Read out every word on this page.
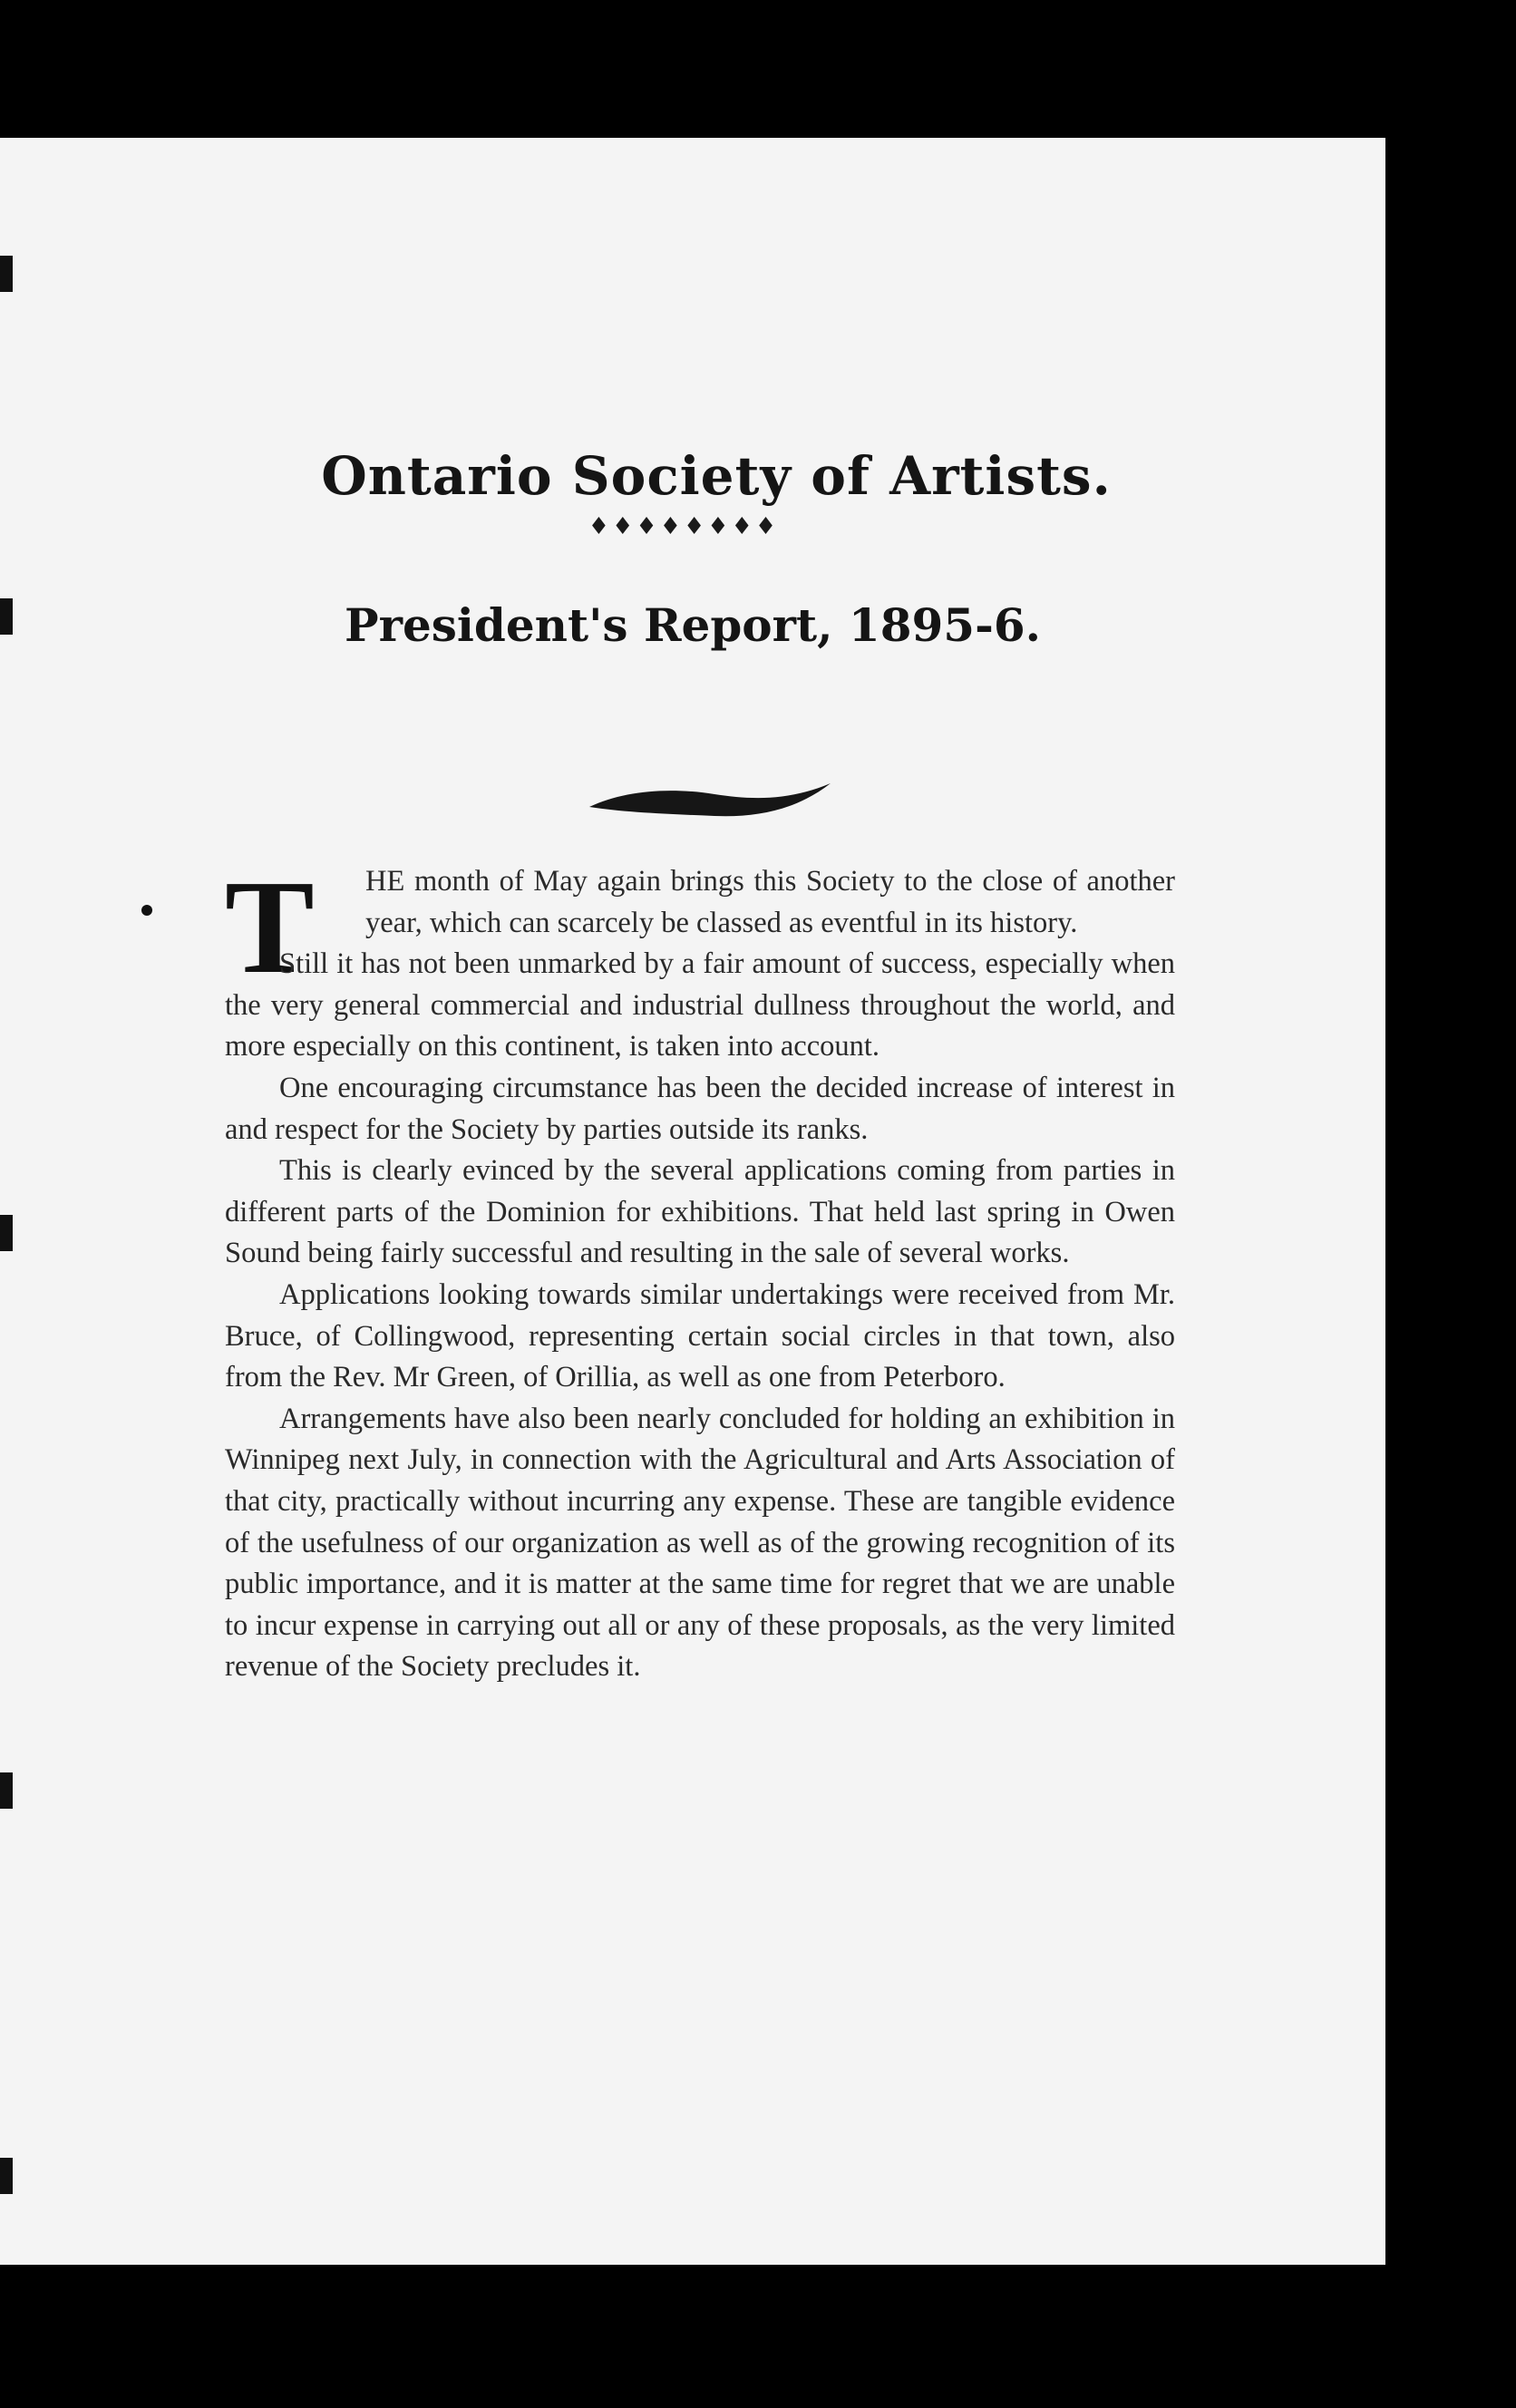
Ontario Society of Artists.
♦♦♦♦♦♦♦♦
President's Report, 1895-6.
T	HE month of May again brings this Society to the close of another year, which can scarcely be classed as eventful in its history.

Still it has not been unmarked by a fair amount of success, especially when the very general commercial and industrial dullness throughout the world, and more especially on this continent, is taken into account.

One encouraging circumstance has been the decided increase of interest in and respect for the Society by parties outside its ranks.

This is clearly evinced by the several applications coming from parties in different parts of the Dominion for exhibitions. That held last spring in Owen Sound being fairly successful and resulting in the sale of several works.

Applications looking towards similar undertakings were received from Mr. Bruce, of Collingwood, representing certain social circles in that town, also from the Rev. Mr Green, of Orillia, as well as one from Peterboro.

Arrangements have also been nearly concluded for holding an exhibition in Winnipeg next July, in connection with the Agricultural and Arts Association of that city, practically without incurring any expense. These are tangible evidence of the usefulness of our organization as well as of the growing recognition of its public importance, and it is matter at the same time for regret that we are unable to incur expense in carrying out all or any of these proposals, as the very limited revenue of the Society precludes it.
